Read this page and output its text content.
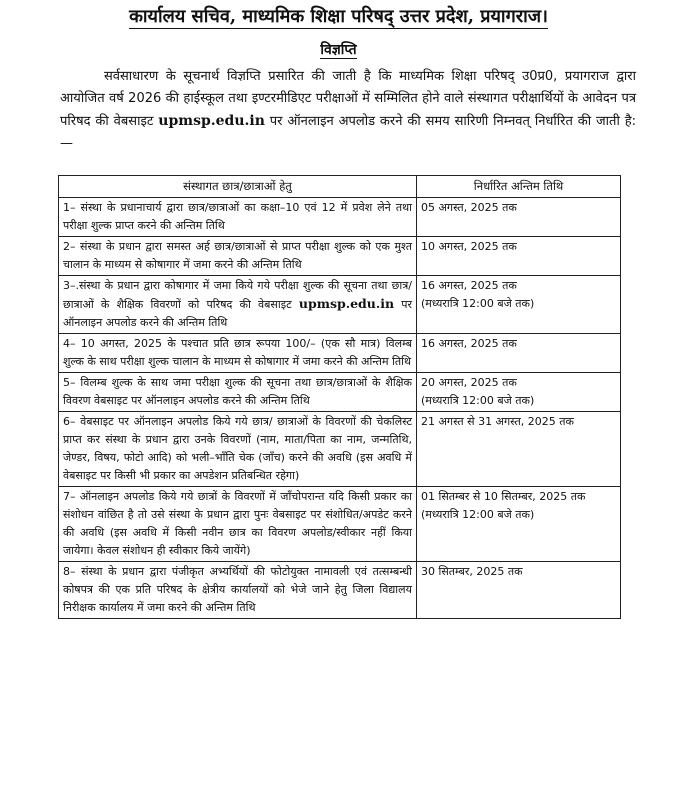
कार्यालय सचिव, माध्यमिक शिक्षा परिषद् उत्तर प्रदेश, प्रयागराज।
विज्ञप्ति

सर्वसाधारण के सूचनार्थ विज्ञप्ति प्रसारित की जाती है कि माध्यमिक शिक्षा परिषद् उ0प्र0, प्रयागराज द्वारा आयोजित वर्ष 2026 की हाईस्कूल तथा इण्टरमीडिएट परीक्षाओं में सम्मिलित होने वाले संस्थागत परीक्षार्थियों के आवेदन पत्र परिषद की वेबसाइट upmsp.edu.in पर ऑनलाइन अपलोड करने की समय सारिणी निम्नवत् निर्धारित की जाती है:—

संस्थागत छात्र/छात्राओं हेतु	निर्धारित अन्तिम तिथि
1– संस्था के प्रधानाचार्य द्वारा छात्र/छात्राओं का कक्षा–10 एवं 12 में प्रवेश लेने तथा परीक्षा शुल्क प्राप्त करने की अन्तिम तिथि	05 अगस्त, 2025 तक

2– संस्था के प्रधान द्वारा समस्त अर्ह छात्र/छात्राओं से प्राप्त परीक्षा शुल्क को एक मुश्त चालान के माध्यम से कोषागार में जमा करने की अन्तिम तिथि	10 अगस्त, 2025 तक

3–.संस्था के प्रधान द्वारा कोषागार में जमा किये गये परीक्षा शुल्क की सूचना तथा छात्र/छात्राओं के शैक्षिक विवरणों को परिषद की वेबसाइट upmsp.edu.in पर ऑनलाइन अपलोड करने की अन्तिम तिथि	16 अगस्त, 2025 तक
(मध्यरात्रि 12:00 बजे तक)

4– 10 अगस्त, 2025 के पश्चात प्रति छात्र रूपया 100/– (एक सौ मात्र) विलम्ब शुल्क के साथ परीक्षा शुल्क चालान के माध्यम से कोषागार में जमा करने की अन्तिम तिथि	16 अगस्त, 2025 तक

5– विलम्ब शुल्क के साथ जमा परीक्षा शुल्क की सूचना तथा छात्र/छात्राओं के शैक्षिक विवरण वेबसाइट पर ऑनलाइन अपलोड करने की अन्तिम तिथि	20 अगस्त, 2025 तक
(मध्यरात्रि 12:00 बजे तक)

6– वेबसाइट पर ऑनलाइन अपलोड किये गये छात्र/ छात्राओं के विवरणों की चेकलिस्ट प्राप्त कर संस्था के प्रधान द्वारा उनके विवरणों (नाम, माता/पिता का नाम, जन्मतिथि, जेण्डर, विषय, फोटो आदि) को भली–भाँति चेक (जाँच) करने की अवधि (इस अवधि में वेबसाइट पर किसी भी प्रकार का अपडेशन प्रतिबन्धित रहेगा)	21 अगस्त से 31 अगस्त, 2025 तक

7– ऑनलाइन अपलोड किये गये छात्रों के विवरणों में जाँचोपरान्त यदि किसी प्रकार का संशोधन वांछित है तो उसे संस्था के प्रधान द्वारा पुनः वेबसाइट पर संशोधित/अपडेट करने की अवधि (इस अवधि में किसी नवीन छात्र का विवरण अपलोड/स्वीकार नहीं किया जायेगा। केवल संशोधन ही स्वीकार किये जायेंगे)	01 सितम्बर से 10 सितम्बर, 2025 तक
(मध्यरात्रि 12:00 बजे तक)

8– संस्था के प्रधान द्वारा पंजीकृत अभ्यर्थियों की फोटोयुक्त नामावली एवं तत्सम्बन्धी कोषपत्र की एक प्रति परिषद के क्षेत्रीय कार्यालयों को भेजे जाने हेतु जिला विद्यालय निरीक्षक कार्यालय में जमा करने की अन्तिम तिथि	30 सितम्बर, 2025 तक
